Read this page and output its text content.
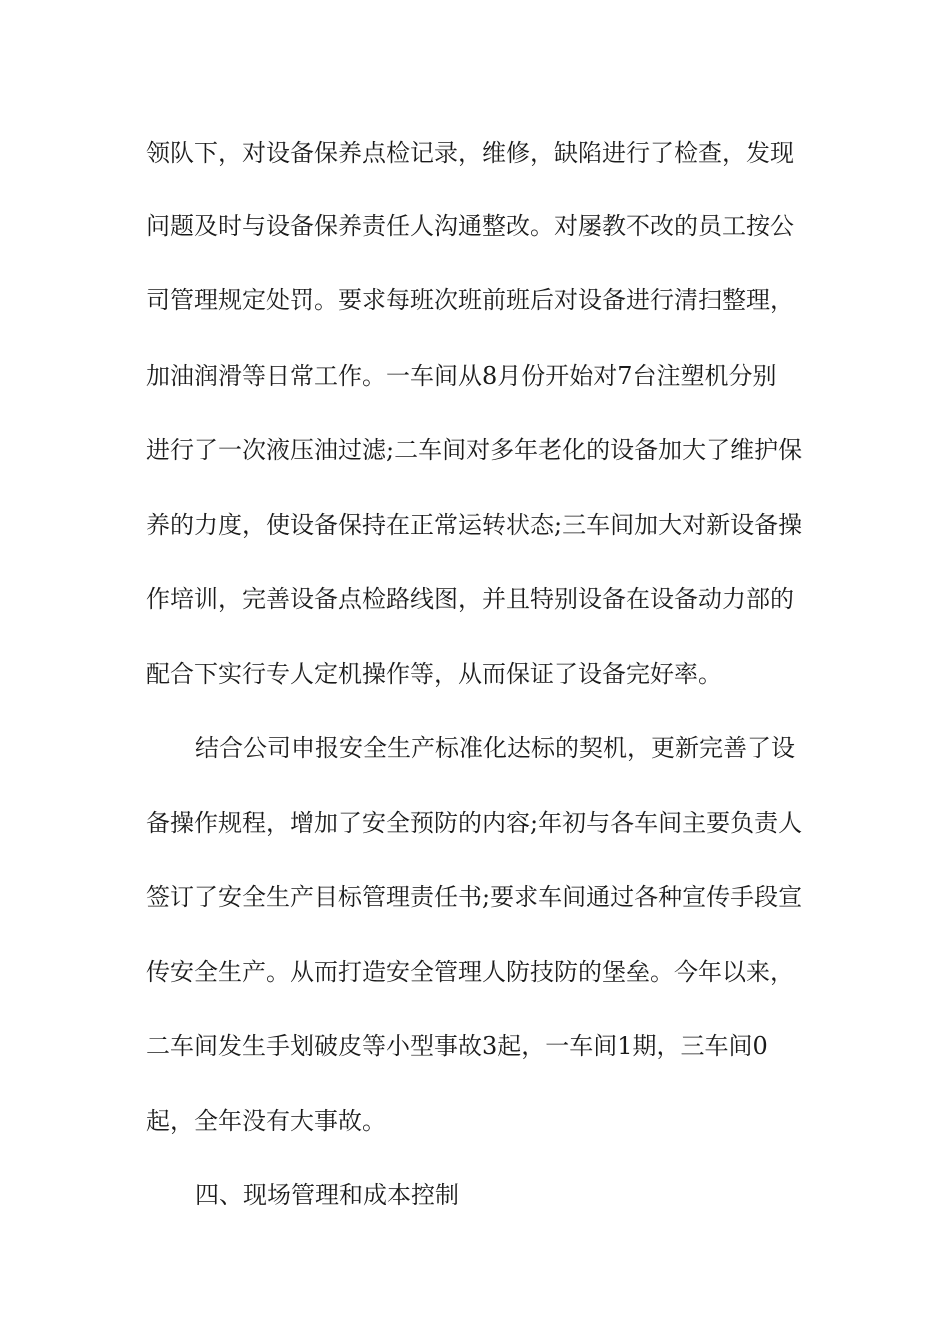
领队下，对设备保养点检记录，维修，缺陷进行了检查，发现
问题及时与设备保养责任人沟通整改。对屡教不改的员工按公
司管理规定处罚。要求每班次班前班后对设备进行清扫整理，
加油润滑等日常工作。一车间从8月份开始对7台注塑机分别
进行了一次液压油过滤;二车间对多年老化的设备加大了维护保
养的力度，使设备保持在正常运转状态;三车间加大对新设备操
作培训，完善设备点检路线图，并且特别设备在设备动力部的
配合下实行专人定机操作等，从而保证了设备完好率。
结合公司申报安全生产标准化达标的契机，更新完善了设
备操作规程，增加了安全预防的内容;年初与各车间主要负责人
签订了安全生产目标管理责任书;要求车间通过各种宣传手段宣
传安全生产。从而打造安全管理人防技防的堡垒。今年以来，
二车间发生手划破皮等小型事故3起，一车间1期，三车间0
起，全年没有大事故。
四、现场管理和成本控制
